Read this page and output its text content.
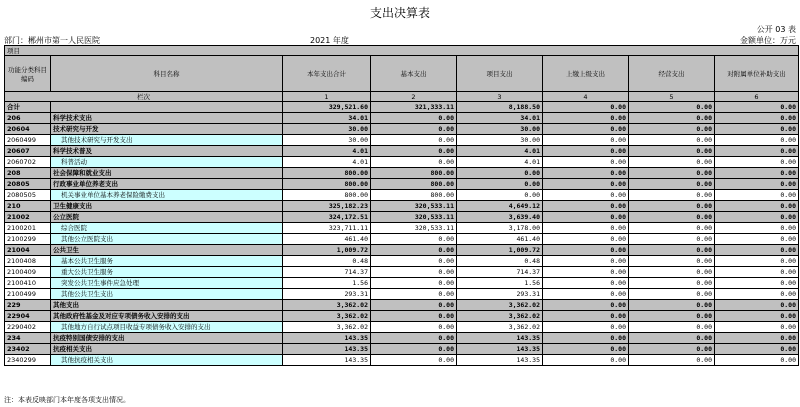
支出决算表
公开 03 表
部门：郴州市第一人民医院	2021 年度	金额单位：万元
项目							
功能分类科目编码	科目名称	本年支出合计	基本支出	项目支出	上缴上级支出	经营支出	对附属单位补助支出
栏次		1	2	3	4	5	6
合计		329,521.60	321,333.11	8,188.50	0.00	0.00	0.00
206	科学技术支出	34.01	0.00	34.01	0.00	0.00	0.00
20604	技术研究与开发	30.00	0.00	30.00	0.00	0.00	0.00
2060499	其他技术研究与开发支出	30.00	0.00	30.00	0.00	0.00	0.00
20607	科学技术普及	4.01	0.00	4.01	0.00	0.00	0.00
2060702	科普活动	4.01	0.00	4.01	0.00	0.00	0.00
208	社会保障和就业支出	800.00	800.00	0.00	0.00	0.00	0.00
20805	行政事业单位养老支出	800.00	800.00	0.00	0.00	0.00	0.00
2080505	机关事业单位基本养老保险缴费支出	800.00	800.00	0.00	0.00	0.00	0.00
210	卫生健康支出	325,182.23	320,533.11	4,649.12	0.00	0.00	0.00
21002	公立医院	324,172.51	320,533.11	3,639.40	0.00	0.00	0.00
2100201	综合医院	323,711.11	320,533.11	3,178.00	0.00	0.00	0.00
2100299	其他公立医院支出	461.40	0.00	461.40	0.00	0.00	0.00
21004	公共卫生	1,009.72	0.00	1,009.72	0.00	0.00	0.00
2100408	基本公共卫生服务	0.48	0.00	0.48	0.00	0.00	0.00
2100409	重大公共卫生服务	714.37	0.00	714.37	0.00	0.00	0.00
2100410	突发公共卫生事件应急处理	1.56	0.00	1.56	0.00	0.00	0.00
2100499	其他公共卫生支出	293.31	0.00	293.31	0.00	0.00	0.00
229	其他支出	3,362.02	0.00	3,362.02	0.00	0.00	0.00
22904	其他政府性基金及对应专项债务收入安排的支出	3,362.02	0.00	3,362.02	0.00	0.00	0.00
2290402	其他地方自行试点项目收益专项债务收入安排的支出	3,362.02	0.00	3,362.02	0.00	0.00	0.00
234	抗疫特别国债安排的支出	143.35	0.00	143.35	0.00	0.00	0.00
23402	抗疫相关支出	143.35	0.00	143.35	0.00	0.00	0.00
2340299	其他抗疫相关支出	143.35	0.00	143.35	0.00	0.00	0.00
注：本表反映部门本年度各项支出情况。
